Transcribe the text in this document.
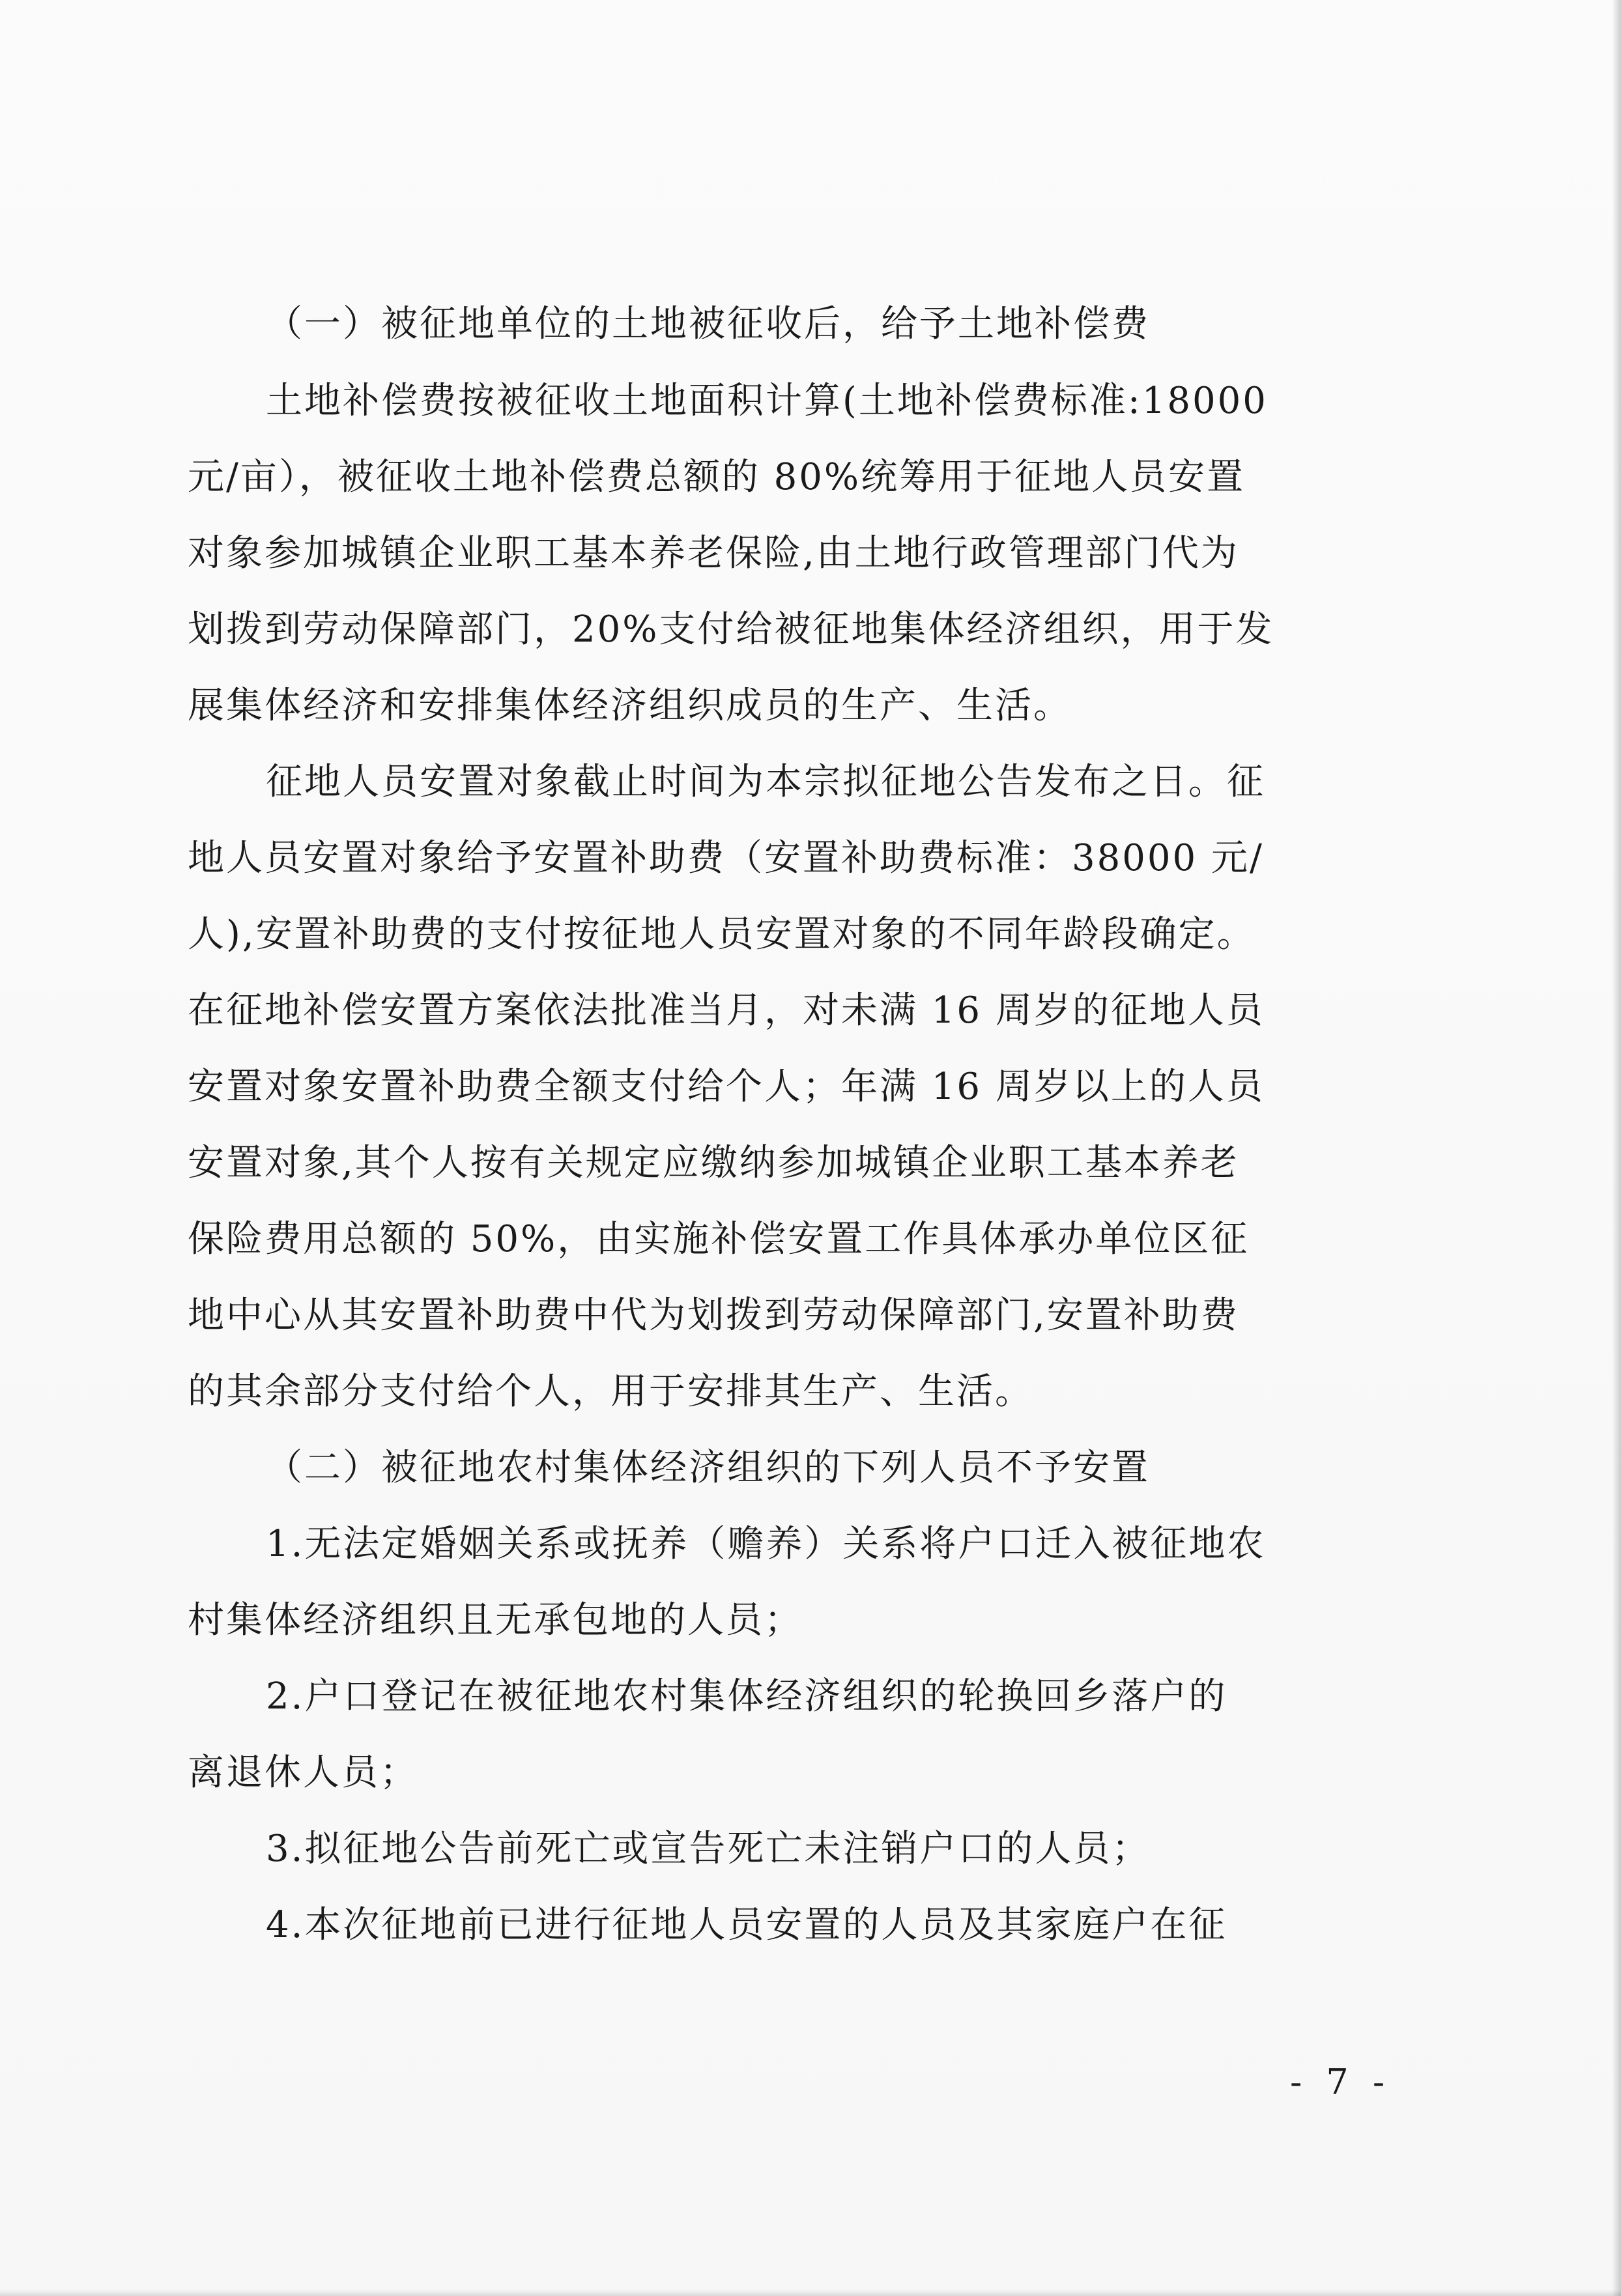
（一）被征地单位的土地被征收后，给予土地补偿费
土地补偿费按被征收土地面积计算(土地补偿费标准:18000
元/亩），被征收土地补偿费总额的 80%统筹用于征地人员安置
对象参加城镇企业职工基本养老保险,由土地行政管理部门代为
划拨到劳动保障部门，20%支付给被征地集体经济组织，用于发
展集体经济和安排集体经济组织成员的生产、生活。
征地人员安置对象截止时间为本宗拟征地公告发布之日。征
地人员安置对象给予安置补助费（安置补助费标准：38000 元/
人),安置补助费的支付按征地人员安置对象的不同年龄段确定。
在征地补偿安置方案依法批准当月，对未满 16 周岁的征地人员
安置对象安置补助费全额支付给个人；年满 16 周岁以上的人员
安置对象,其个人按有关规定应缴纳参加城镇企业职工基本养老
保险费用总额的 50%，由实施补偿安置工作具体承办单位区征
地中心从其安置补助费中代为划拨到劳动保障部门,安置补助费
的其余部分支付给个人，用于安排其生产、生活。
（二）被征地农村集体经济组织的下列人员不予安置
1.无法定婚姻关系或抚养（赡养）关系将户口迁入被征地农
村集体经济组织且无承包地的人员；
2.户口登记在被征地农村集体经济组织的轮换回乡落户的
离退休人员；
3.拟征地公告前死亡或宣告死亡未注销户口的人员；
4.本次征地前已进行征地人员安置的人员及其家庭户在征
- 7 -
